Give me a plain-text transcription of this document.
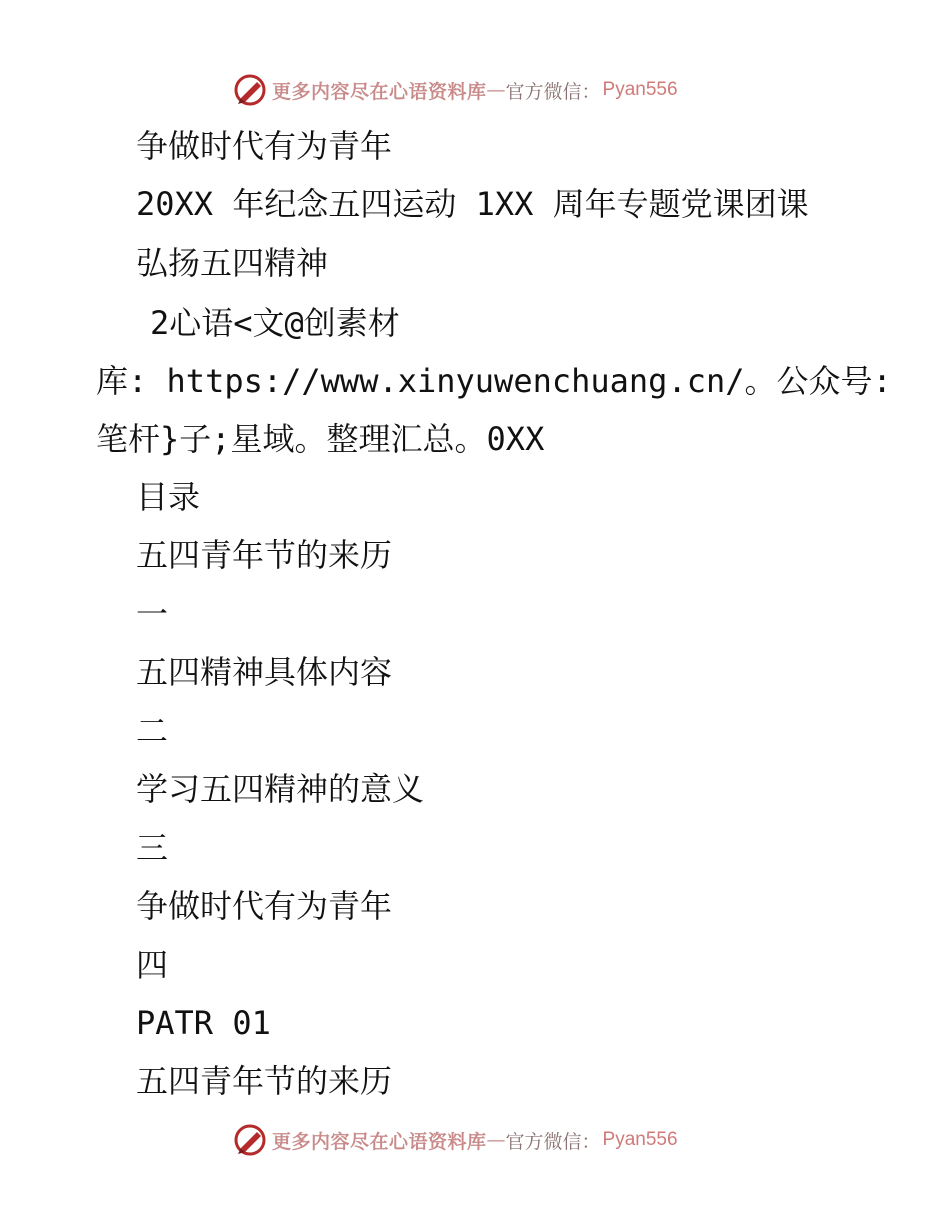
更多内容尽在心语资料库 — 官方微信： Pyan556
争做时代有为青年
20XX 年纪念五四运动 1XX 周年专题党课团课
弘扬五四精神
2心语<文@创素材
库: https://www.xinyuwenchuang.cn/。公众号:
笔杆}子;星域。整理汇总。0XX
目录
五四青年节的来历
一
五四精神具体内容
二
学习五四精神的意义
三
争做时代有为青年
四
PATR 01
五四青年节的来历
更多内容尽在心语资料库 — 官方微信： Pyan556
